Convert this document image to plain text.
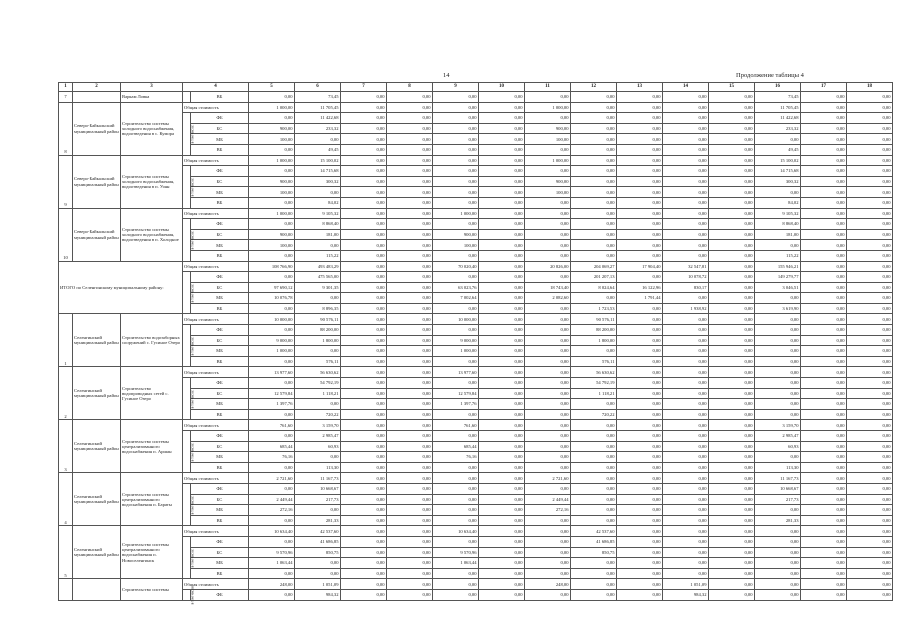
14	Продолжение таблицы 4
1	2	3	4		5	6	7	8	9	10	11	12	13	14	15	16	17	18
7		Варкам Ловка		ВБ	0,00	73,45	0,00	0,00	0,00	0,00	0,00	0,00	0,00	0,00	0,00	73,45	0,00	0,00
8	Северо-Байкальский муниципальный район	Строительство системы холодного водоснабжения, водоотведения в с. Кумора	Общая стоимость		1 000,00	11 705,45	0,00	0,00	0,00	0,00	1 000,00	0,00	0,00	0,00	0,00	11 705,45	0,00	0,00
			в том числе:	ФБ	0,00	11 422,68	0,00	0,00	0,00	0,00	0,00	0,00	0,00	0,00	0,00	11 422,68	0,00	0,00
				БС	900,00	233,32	0,00	0,00	0,00	0,00	900,00	0,00	0,00	0,00	0,00	233,32	0,00	0,00
				МБ	100,00	0,00	0,00	0,00	0,00	0,00	100,00	0,00	0,00	0,00	0,00	0,00	0,00	0,00
				ВБ	0,00	49,45	0,00	0,00	0,00	0,00	0,00	0,00	0,00	0,00	0,00	49,45	0,00	0,00
9	Северо-Байкальский муниципальный район	Строительство системы холодного водоснабжения, водоотведения в п. Уоян	Общая стоимость		1 000,00	15 100,02	0,00	0,00	0,00	0,00	1 000,00	0,00	0,00	0,00	0,00	15 100,02	0,00	0,00
			в том числе:	ФБ	0,00	14 715,68	0,00	0,00	0,00	0,00	0,00	0,00	0,00	0,00	0,00	14 715,68	0,00	0,00
				БС	900,00	300,32	0,00	0,00	0,00	0,00	900,00	0,00	0,00	0,00	0,00	300,32	0,00	0,00
				МБ	100,00	0,00	0,00	0,00	0,00	0,00	100,00	0,00	0,00	0,00	0,00	0,00	0,00	0,00
				ВБ	0,00	84,02	0,00	0,00	0,00	0,00	0,00	0,00	0,00	0,00	0,00	84,02	0,00	0,00
10	Северо-Байкальский муниципальный район	Строительство системы холодного водоснабжения, водоотведения в п. Холодное	Общая стоимость		1 000,00	9 105,32	0,00	0,00	1 000,00	0,00	0,00	0,00	0,00	0,00	0,00	9 105,32	0,00	0,00
			в том числе:	ФБ	0,00	8 868,40	0,00	0,00	0,00	0,00	0,00	0,00	0,00	0,00	0,00	8 868,40	0,00	0,00
				БС	900,00	181,00	0,00	0,00	900,00	0,00	0,00	0,00	0,00	0,00	0,00	181,00	0,00	0,00
				МБ	100,00	0,00	0,00	0,00	100,00	0,00	0,00	0,00	0,00	0,00	0,00	0,00	0,00	0,00
				ВБ	0,00	115,22	0,00	0,00	0,00	0,00	0,00	0,00	0,00	0,00	0,00	115,22	0,00	0,00
ИТОГО по Селенгинскому муниципальному району:			Общая стоимость		108 766,90	493 483,29	0,00	0,00	70 020,40	0,00	20 826,00	204 069,27	17 904,40	32 547,81	0,00	155 946,21	0,00	0,00
			в том числе:	ФБ	0,00	475 565,00	0,00	0,00	0,00	0,00	0,00	201 207,13	0,00	10 078,72	0,00	149 279,77	0,00	0,00
				БС	97 690,12	9 301,35	0,00	0,00	63 023,76	0,00	18 743,40	8 024,64	16 122,96	830,17	0,00	3 046,51	0,00	0,00
				МБ	10 076,78	0,00	0,00	0,00	7 002,64	0,00	2 082,60	0,00	1 791,44	0,00	0,00	0,00	0,00	0,00
				ВБ	0,00	8 896,35	0,00	0,00	0,00	0,00	0,00	1 723,53	0,00	1 938,92	0,00	3 619,90	0,00	0,00
1	Селенгинский муниципальный район	Строительство водозаборных сооружений с. Гусиное Озеро	Общая стоимость		10 000,00	90 576,11	0,00	0,00	10 000,00	0,00	0,00	90 576,11	0,00	0,00	0,00	0,00	0,00	0,00
			в том числе:	ФБ	0,00	88 200,00	0,00	0,00	0,00	0,00	0,00	88 200,00	0,00	0,00	0,00	0,00	0,00	0,00
				БС	9 000,00	1 800,00	0,00	0,00	9 000,00	0,00	0,00	1 800,00	0,00	0,00	0,00	0,00	0,00	0,00
				МБ	1 000,00	0,00	0,00	0,00	1 000,00	0,00	0,00	0,00	0,00	0,00	0,00	0,00	0,00	0,00
				ВБ	0,00	576,11	0,00	0,00	0,00	0,00	0,00	576,11	0,00	0,00	0,00	0,00	0,00	0,00
2	Селенгинский муниципальный район	Строительство водопроводных сетей с. Гусиное Озеро	Общая стоимость		13 977,60	56 630,62	0,00	0,00	13 977,60	0,00	0,00	56 630,62	0,00	0,00	0,00	0,00	0,00	0,00
			в том числе:	ФБ	0,00	54 792,19	0,00	0,00	0,00	0,00	0,00	54 792,19	0,00	0,00	0,00	0,00	0,00	0,00
				БС	12 579,84	1 118,21	0,00	0,00	12 579,84	0,00	0,00	1 118,21	0,00	0,00	0,00	0,00	0,00	0,00
				МБ	1 397,76	0,00	0,00	0,00	1 397,76	0,00	0,00	0,00	0,00	0,00	0,00	0,00	0,00	0,00
				ВБ	0,00	720,22	0,00	0,00	0,00	0,00	0,00	720,22	0,00	0,00	0,00	0,00	0,00	0,00
3	Селенгинский муниципальный район	Строительство системы централизованного водоснабжения п. Аршан	Общая стоимость		761,60	3 159,70	0,00	0,00	761,60	0,00	0,00	0,00	0,00	0,00	0,00	3 159,70	0,00	0,00
			в том числе:	ФБ	0,00	2 985,47	0,00	0,00	0,00	0,00	0,00	0,00	0,00	0,00	0,00	2 985,47	0,00	0,00
				БС	685,44	60,93	0,00	0,00	685,44	0,00	0,00	0,00	0,00	0,00	0,00	60,93	0,00	0,00
				МБ	76,16	0,00	0,00	0,00	76,16	0,00	0,00	0,00	0,00	0,00	0,00	0,00	0,00	0,00
				ВБ	0,00	113,30	0,00	0,00	0,00	0,00	0,00	0,00	0,00	0,00	0,00	113,30	0,00	0,00
4	Селенгинский муниципальный район	Строительство системы централизованного водоснабжения п. Бараты	Общая стоимость		2 721,60	11 167,73	0,00	0,00	0,00	0,00	2 721,60	0,00	0,00	0,00	0,00	11 167,73	0,00	0,00
			в том числе:	ФБ	0,00	10 668,67	0,00	0,00	0,00	0,00	0,00	0,00	0,00	0,00	0,00	10 668,67	0,00	0,00
				БС	2 449,44	217,73	0,00	0,00	0,00	0,00	2 449,44	0,00	0,00	0,00	0,00	217,73	0,00	0,00
				МБ	272,16	0,00	0,00	0,00	0,00	0,00	272,16	0,00	0,00	0,00	0,00	0,00	0,00	0,00
				ВБ	0,00	281,33	0,00	0,00	0,00	0,00	0,00	0,00	0,00	0,00	0,00	281,33	0,00	0,00
5	Селенгинский муниципальный район	Строительство системы централизованного водоснабжения п. Новоселенгинск	Общая стоимость		10 634,40	42 537,60	0,00	0,00	10 634,40	0,00	0,00	42 537,60	0,00	0,00	0,00	0,00	0,00	0,00
			в том числе:	ФБ	0,00	41 686,85	0,00	0,00	0,00	0,00	0,00	41 686,85	0,00	0,00	0,00	0,00	0,00	0,00
				БС	9 570,96	850,75	0,00	0,00	9 570,96	0,00	0,00	850,75	0,00	0,00	0,00	0,00	0,00	0,00
				МБ	1 063,44	0,00	0,00	0,00	1 063,44	0,00	0,00	0,00	0,00	0,00	0,00	0,00	0,00	0,00
				ВБ	0,00	0,00	0,00	0,00	0,00	0,00	0,00	0,00	0,00	0,00	0,00	0,00	0,00	0,00
		Строительство системы	Общая стоимость		248,00	1 051,09	0,00	0,00	0,00	0,00	248,00	0,00	0,00	1 051,09	0,00	0,00	0,00	0,00
			в том числе:	ФБ	0,00	984,32	0,00	0,00	0,00	0,00	0,00	0,00	0,00	984,32	0,00	0,00	0,00	0,00
